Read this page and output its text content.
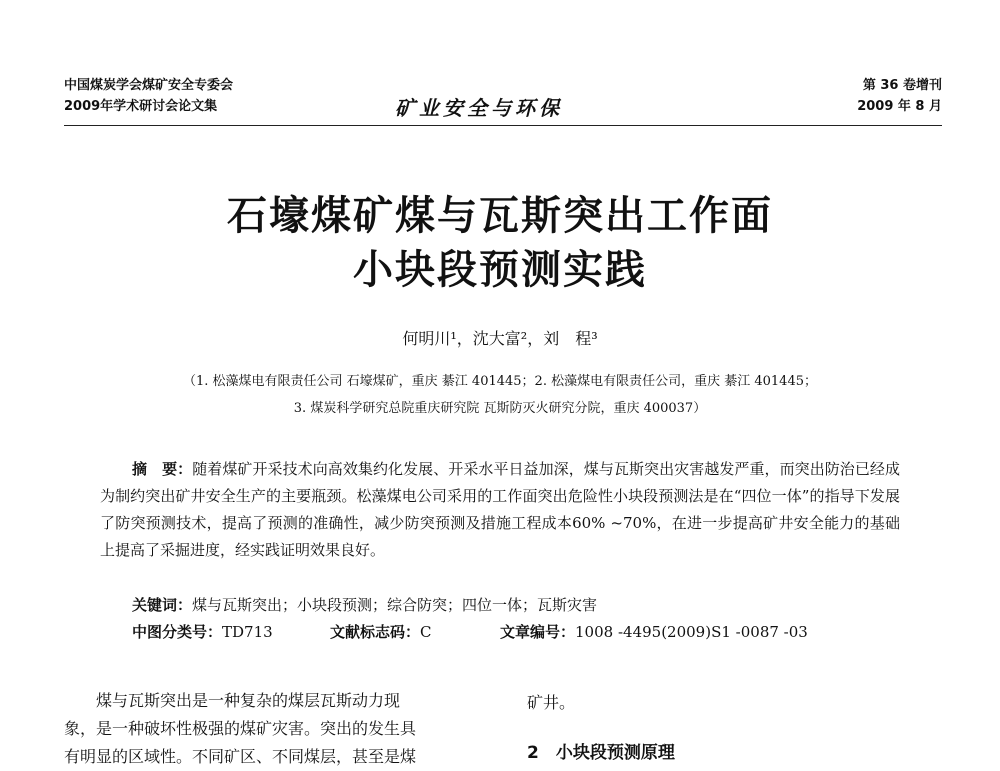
中国煤炭学会煤矿安全专委会
2009年学术研讨会论文集	矿业安全与环保
第 36 卷增刊
2009 年 8 月
石壕煤矿煤与瓦斯突出工作面
小块段预测实践
何明川¹，沈大富²，刘　程³
（1. 松藻煤电有限责任公司 石壕煤矿，重庆 綦江 401445；2. 松藻煤电有限责任公司，重庆 綦江 401445；
3. 煤炭科学研究总院重庆研究院 瓦斯防灭火研究分院，重庆 400037）

摘　要：随着煤矿开采技术向高效集约化发展、开采水平日益加深，煤与瓦斯突出灾害越发严重，而突出防治已经成为制约突出矿井安全生产的主要瓶颈。松藻煤电公司采用的工作面突出危险性小块段预测法是在“四位一体”的指导下发展了防突预测技术，提高了预测的准确性，减少防突预测及措施工程成本60% ~70%，在进一步提高矿井安全能力的基础上提高了采掘进度，经实践证明效果良好。

关键词：煤与瓦斯突出；小块段预测；综合防突；四位一体；瓦斯灾害
中图分类号：TD713	文献标志码：C	文章编号：1008 -4495(2009)S1 -0087 -03
煤与瓦斯突出是一种复杂的煤层瓦斯动力现
象，是一种破坏性极强的煤矿灾害。突出的发生具
有明显的区域性。不同矿区、不同煤层，甚至是煤
矿井。
2　小块段预测原理
